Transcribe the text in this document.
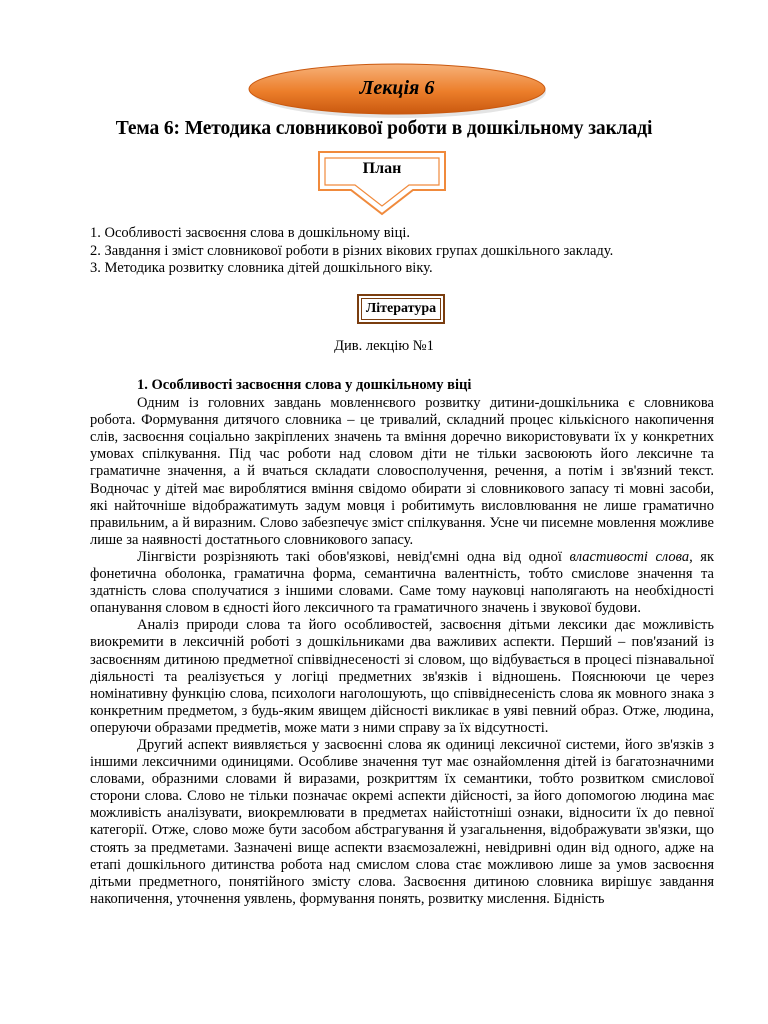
Лекція 6
Тема 6: Методика словникової роботи в дошкільному закладі
План
1. Особливості засвоєння слова в дошкільному віці.
2. Завдання і зміст словникової роботи в різних вікових групах дошкільного закладу.
3. Методика розвитку словника дітей дошкільного віку.
Література
Див. лекцію №1
1. Особливості засвоєння слова у дошкільному віці

Одним із головних завдань мовленнєвого розвитку дитини-дошкільника є словникова робота. Формування дитячого словника – це тривалий, складний процес кількісного накопичення слів, засвоєння соціально закріплених значень та вміння доречно використовувати їх у конкретних умовах спілкування. Під час роботи над словом діти не тільки засвоюють його лексичне та граматичне значення, а й вчаться складати словосполучення, речення, а потім і зв'язний текст. Водночас у дітей має вироблятися вміння свідомо обирати зі словникового запасу ті мовні засоби, які найточніше відображатимуть задум мовця і робитимуть висловлювання не лише граматично правильним, а й виразним. Слово забезпечує зміст спілкування. Усне чи писемне мовлення можливе лише за наявності достатнього словникового запасу.

Лінгвісти розрізняють такі обов'язкові, невід'ємні одна від одної властивості слова, як фонетична оболонка, граматична форма, семантична валентність, тобто смислове значення та здатність слова сполучатися з іншими словами. Саме тому науковці наполягають на необхідності опанування словом в єдності його лексичного та граматичного значень і звукової будови.

Аналіз природи слова та його особливостей, засвоєння дітьми лексики дає можливість виокремити в лексичній роботі з дошкільниками два важливих аспекти. Перший – пов'язаний із засвоєнням дитиною предметної співвіднесеності зі словом, що відбувається в процесі пізнавальної діяльності та реалізується у логіці предметних зв'язків і відношень. Пояснюючи це через номінативну функцію слова, психологи наголошують, що співвіднесеність слова як мовного знака з конкретним предметом, з будь-яким явищем дійсності викликає в уяві певний образ. Отже, людина, оперуючи образами предметів, може мати з ними справу за їх відсутності.

Другий аспект виявляється у засвоєнні слова як одиниці лексичної системи, його зв'язків з іншими лексичними одиницями. Особливе значення тут має ознайомлення дітей із багатозначними словами, образними словами й виразами, розкриттям їх семантики, тобто розвитком смислової сторони слова. Слово не тільки позначає окремі аспекти дійсності, за його допомогою людина має можливість аналізувати, виокремлювати в предметах найістотніші ознаки, відносити їх до певної категорії. Отже, слово може бути засобом абстрагування й узагальнення, відображувати зв'язки, що стоять за предметами. Зазначені вище аспекти взаємозалежні, невідривні один від одного, адже на етапі дошкільного дитинства робота над смислом слова стає можливою лише за умов засвоєння дітьми предметного, понятійного змісту слова. Засвоєння дитиною словника вирішує завдання накопичення, уточнення уявлень, формування понять, розвитку мислення. Бідність
